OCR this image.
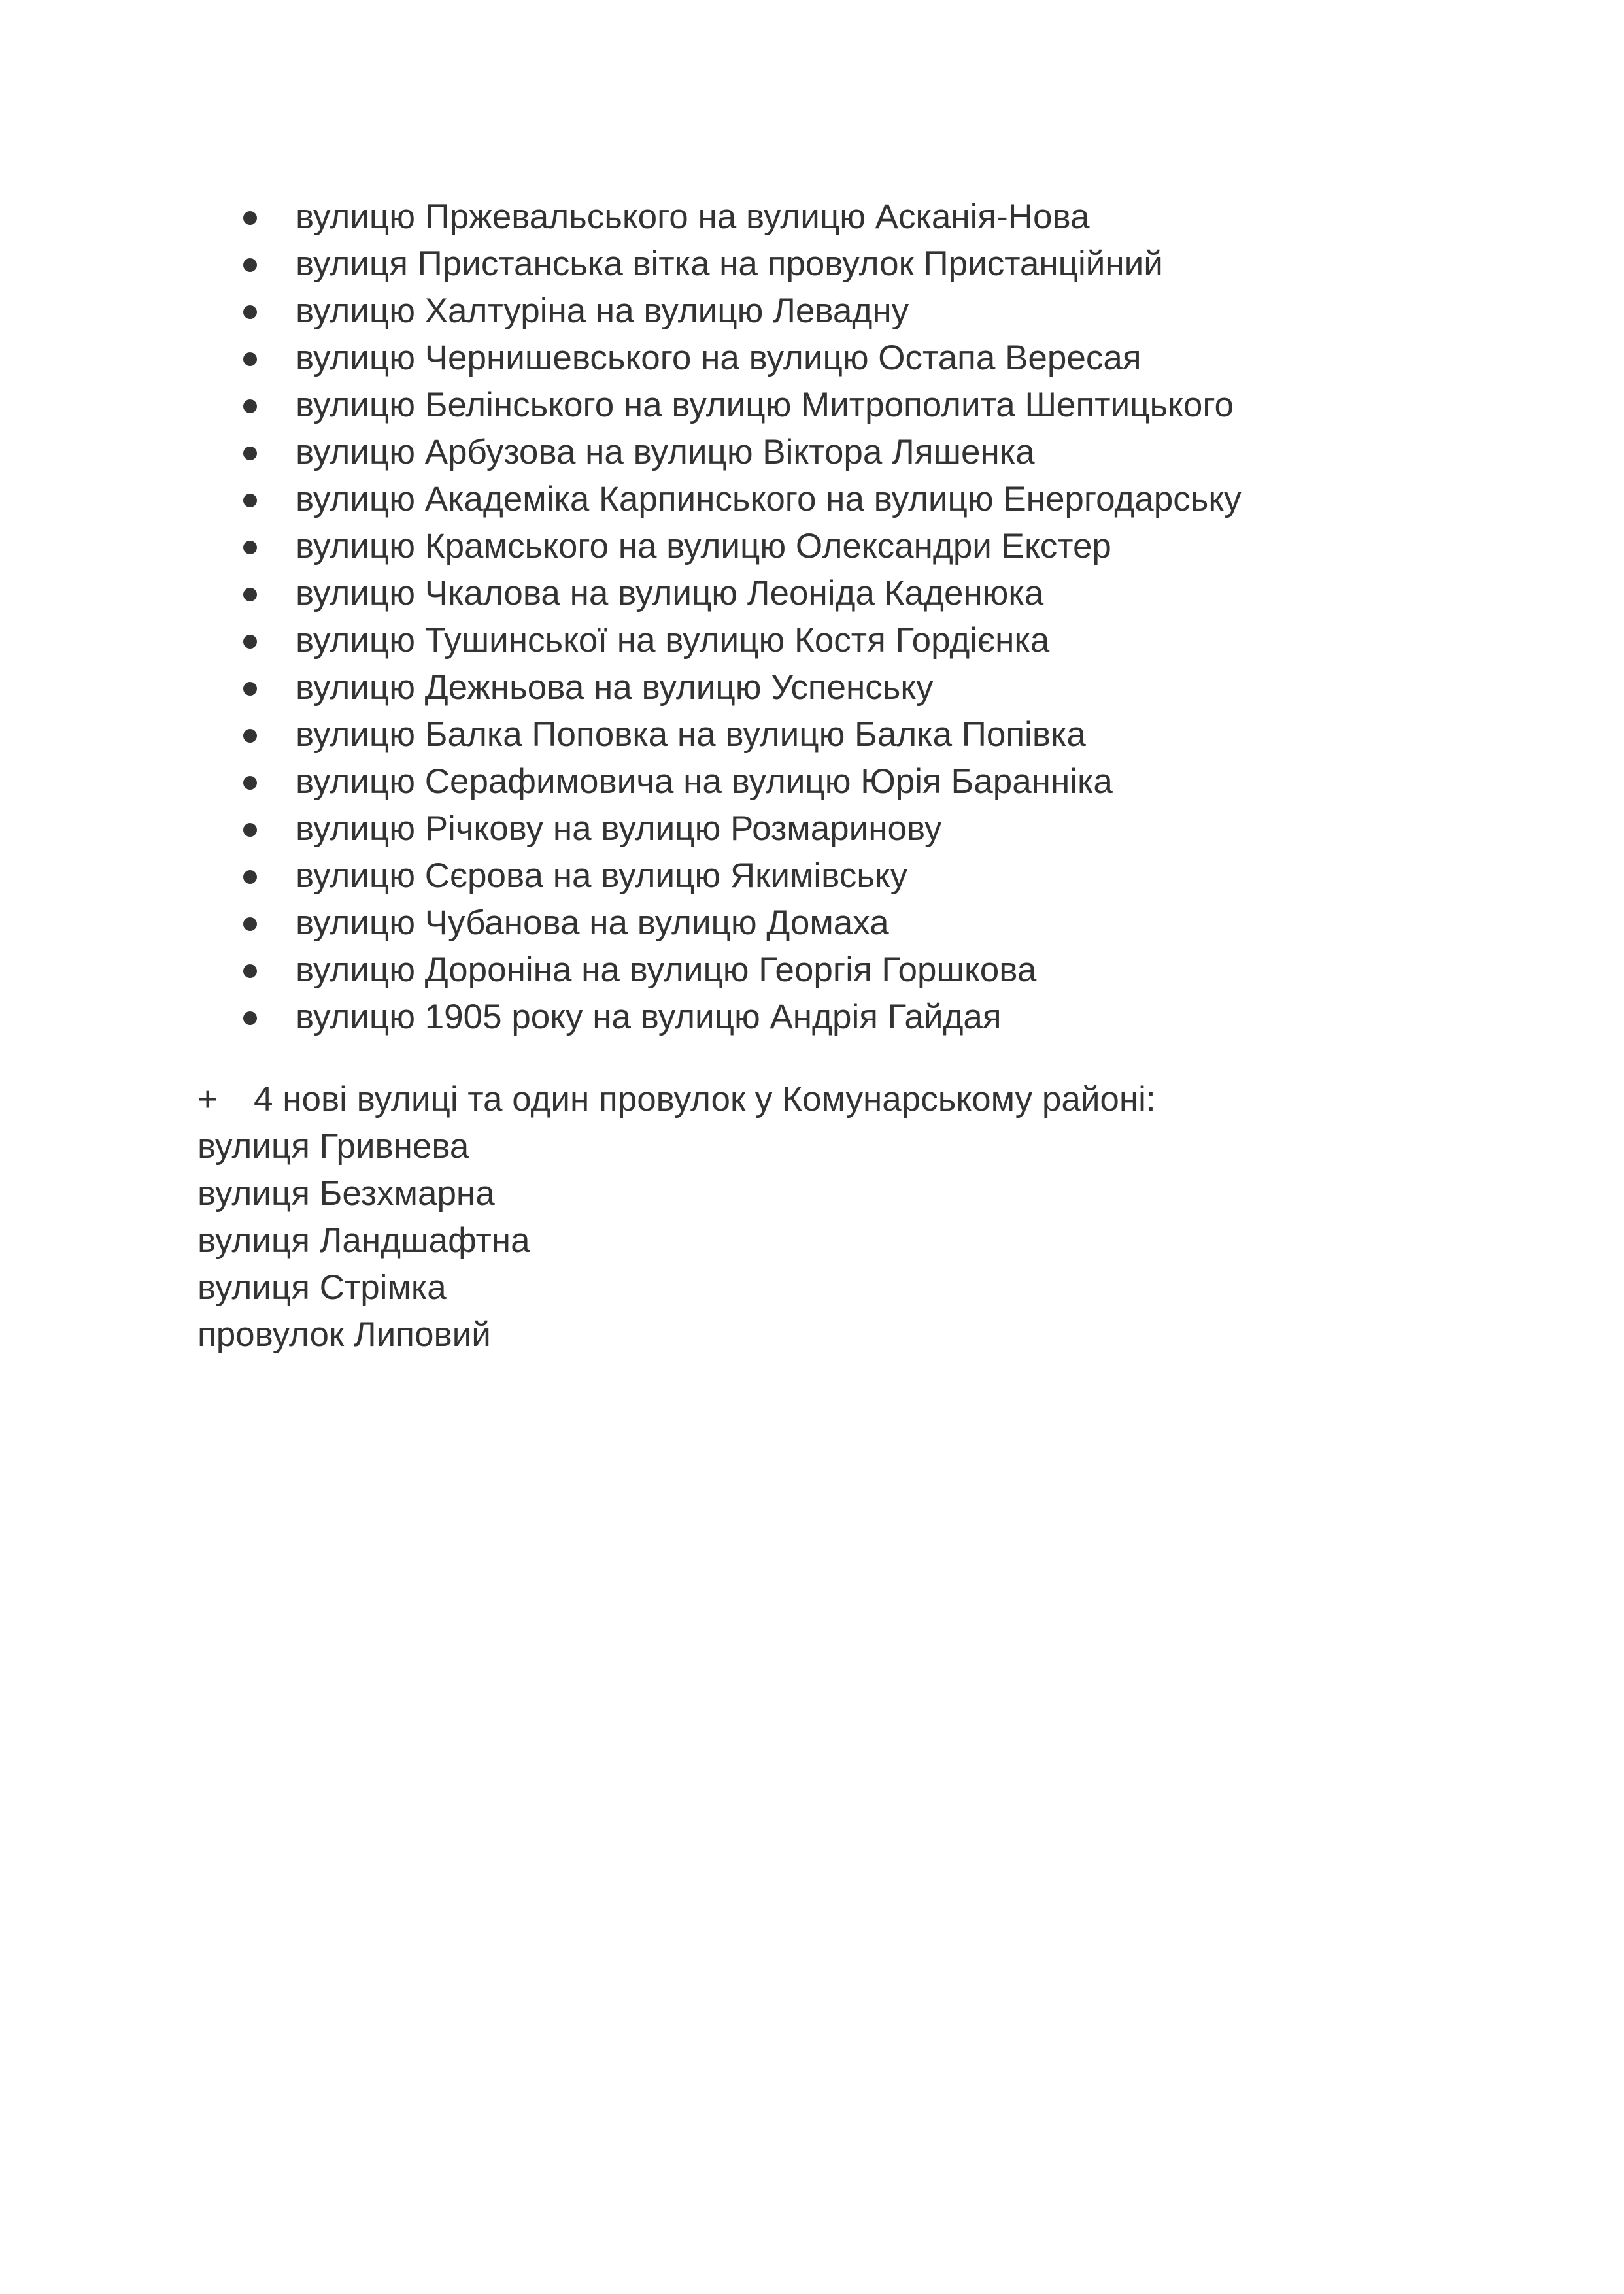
вулицю Пржевальського на вулицю Асканія-Нова
вулиця Пристанська вітка на провулок Пристанційний
вулицю Халтуріна на вулицю Левадну
вулицю Чернишевського на вулицю Остапа Вересая
вулицю Белінського на вулицю Митрополита Шептицького
вулицю Арбузова на вулицю Віктора Ляшенка
вулицю Академіка Карпинського на вулицю Енергодарську
вулицю Крамського на вулицю Олександри Екстер
вулицю Чкалова на вулицю Леоніда Каденюка
вулицю Тушинської на вулицю Костя Гордієнка
вулицю Дежньова на вулицю Успенську
вулицю Балка Поповка на вулицю Балка Попівка
вулицю Серафимовича на вулицю Юрія Баранніка
вулицю Річкову на вулицю Розмаринову
вулицю Сєрова на вулицю Якимівську
вулицю Чубанова на вулицю Домаха
вулицю Дороніна на вулицю Георгія Горшкова
вулицю 1905 року на вулицю Андрія Гайдая
+ 4 нові вулиці та один провулок у Комунарському районі:
вулиця Гривнева
вулиця Безхмарна
вулиця Ландшафтна
вулиця Стрімка
провулок Липовий
